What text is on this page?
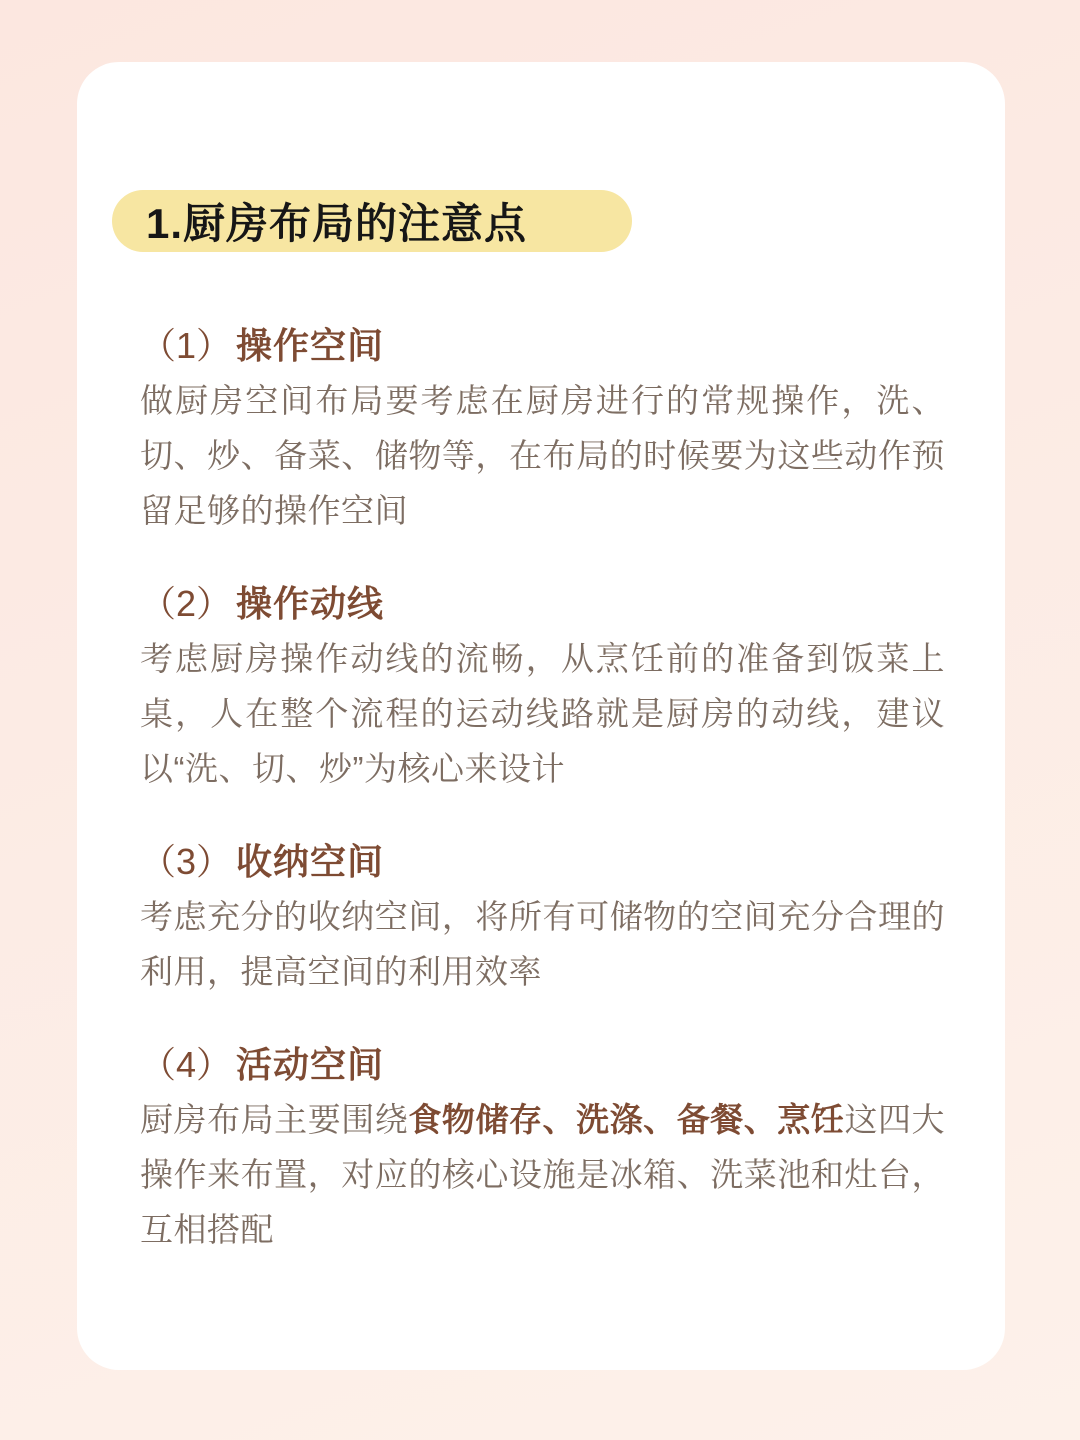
1.厨房布局的注意点
（1） 操作空间
做厨房空间布局要考虑在厨房进行的常规操作，洗、切、炒、备菜、储物等，在布局的时候要为这些动作预留足够的操作空间
（2） 操作动线
考虑厨房操作动线的流畅，从烹饪前的准备到饭菜上桌，人在整个流程的运动线路就是厨房的动线，建议以“洗、切、炒”为核心来设计
（3） 收纳空间
考虑充分的收纳空间，将所有可储物的空间充分合理的利用，提高空间的利用效率
（4） 活动空间
厨房布局主要围绕食物储存、洗涤、备餐、烹饪这四大操作来布置，对应的核心设施是冰箱、洗菜池和灶台，互相搭配
